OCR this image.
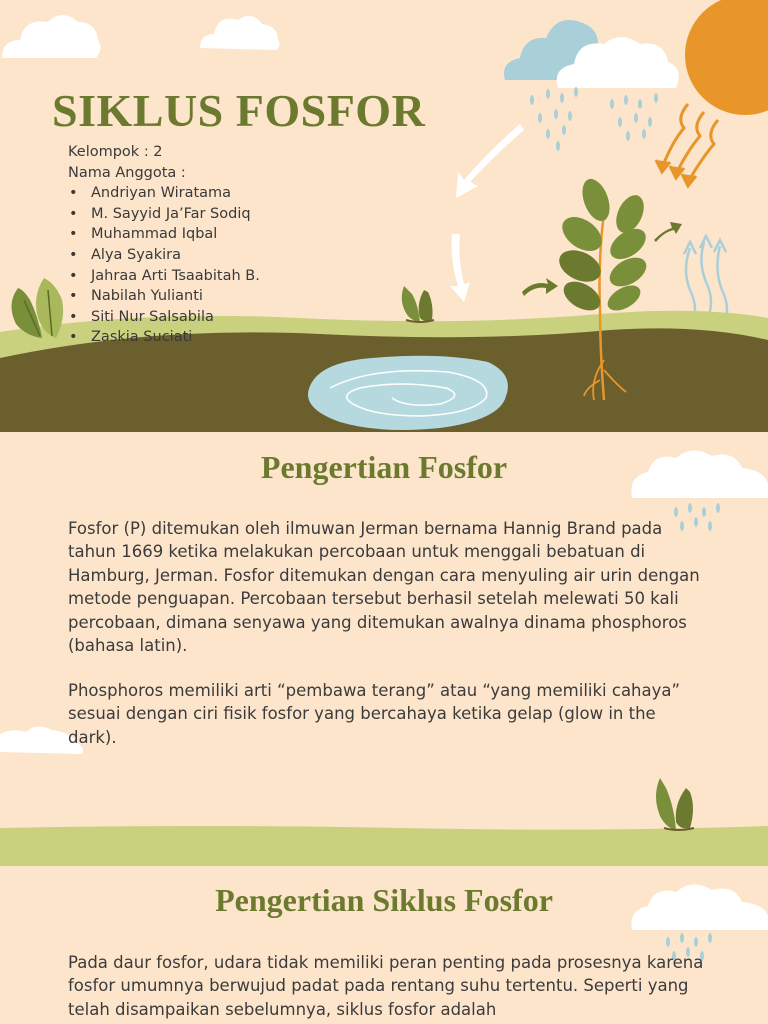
SIKLUS FOSFOR
Kelompok : 2
Nama Anggota :
• Andriyan Wiratama
• M. Sayyid Ja’Far Sodiq
• Muhammad Iqbal
• Alya Syakira
• Jahraa Arti Tsaabitah B.
• Nabilah Yulianti
• Siti Nur Salsabila
• Zaskia Suciati
Pengertian Fosfor

Fosfor (P) ditemukan oleh ilmuwan Jerman bernama Hannig Brand pada tahun 1669 ketika melakukan percobaan untuk menggali bebatuan di Hamburg, Jerman. Fosfor ditemukan dengan cara menyuling air urin dengan metode penguapan. Percobaan tersebut berhasil setelah melewati 50 kali percobaan, dimana senyawa yang ditemukan awalnya dinama phosphoros (bahasa latin).

Phosphoros memiliki arti “pembawa terang” atau “yang memiliki cahaya” sesuai dengan ciri fisik fosfor yang bercahaya ketika gelap (glow in the dark).

Pengertian Siklus Fosfor

Pada daur fosfor, udara tidak memiliki peran penting pada prosesnya karena fosfor umumnya berwujud padat pada rentang suhu tertentu. Seperti yang telah disampaikan sebelumnya, siklus fosfor adalah
